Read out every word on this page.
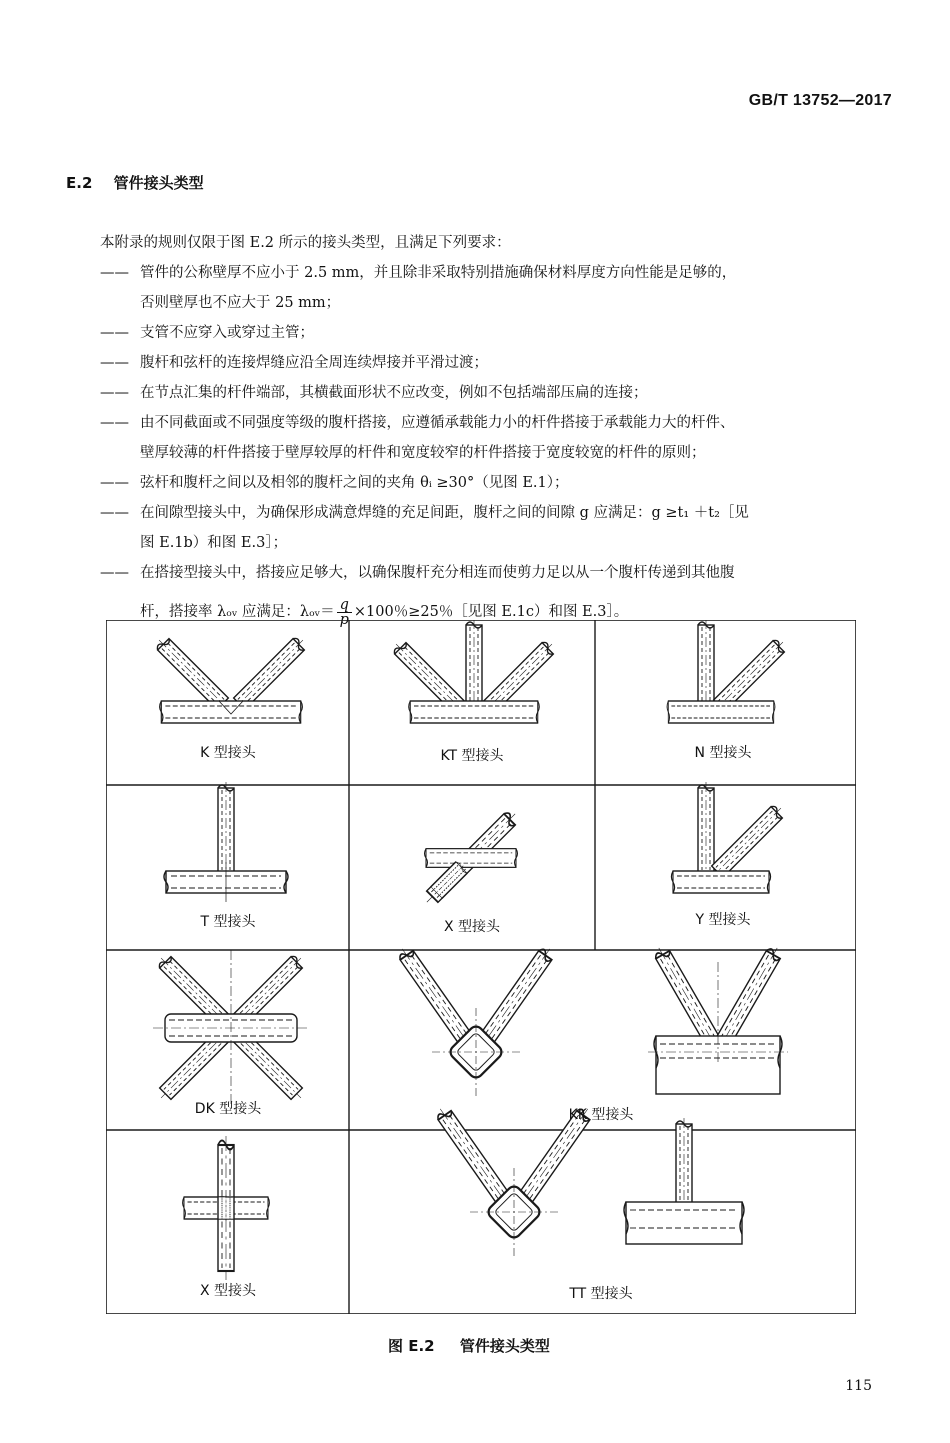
GB/T 13752—2017
E.2 管件接头类型
本附录的规则仅限于图 E.2 所示的接头类型，且满足下列要求：
—— 管件的公称壁厚不应小于 2.5 mm，并且除非采取特别措施确保材料厚度方向性能是足够的，
否则壁厚也不应大于 25 mm；
—— 支管不应穿入或穿过主管；
—— 腹杆和弦杆的连接焊缝应沿全周连续焊接并平滑过渡；
—— 在节点汇集的杆件端部，其横截面形状不应改变，例如不包括端部压扁的连接；
—— 由不同截面或不同强度等级的腹杆搭接，应遵循承载能力小的杆件搭接于承载能力大的杆件、
壁厚较薄的杆件搭接于壁厚较厚的杆件和宽度较窄的杆件搭接于宽度较宽的杆件的原则；
—— 弦杆和腹杆之间以及相邻的腹杆之间的夹角 θᵢ ≥30°（见图 E.1）；
—— 在间隙型接头中，为确保形成满意焊缝的充足间距，腹杆之间的间隙 g 应满足：g ≥t₁ ＋t₂［见
图 E.1b）和图 E.3］；
—— 在搭接型接头中，搭接应足够大，以确保腹杆充分相连而使剪力足以从一个腹杆传递到其他腹
杆，搭接率 λₒᵥ 应满足：λₒᵥ＝ $\frac{q}{p} \times 100$％≥25％［见图 E.1c）和图 E.3］。
K 型接头	KT 型接头	N 型接头
T 型接头	X 型接头	Y 型接头
DK 型接头	KK 型接头
X 型接头	TT 型接头
图 E.2 管件接头类型
115
